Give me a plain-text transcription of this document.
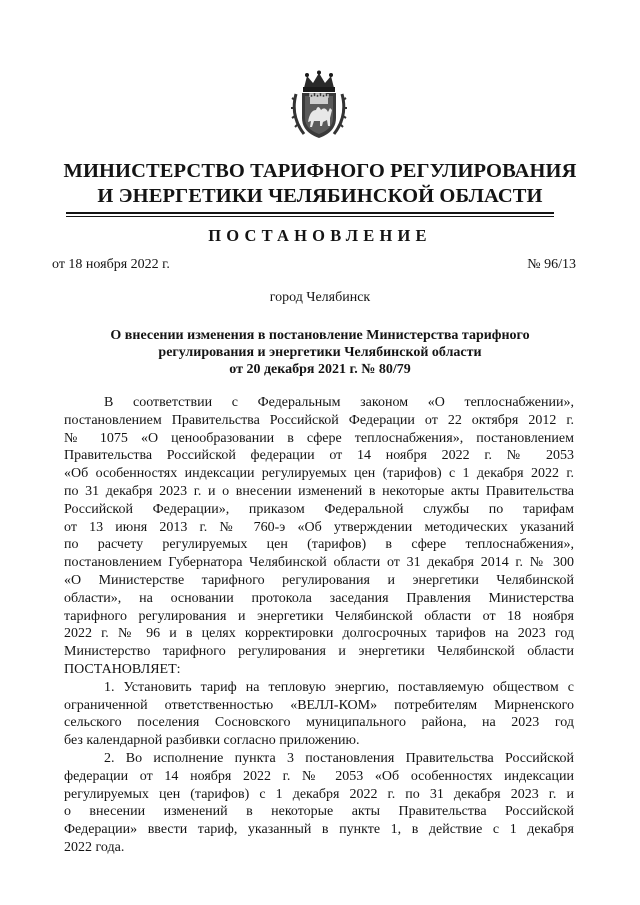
МИНИСТЕРСТВО ТАРИФНОГО РЕГУЛИРОВАНИЯ
И ЭНЕРГЕТИКИ ЧЕЛЯБИНСКОЙ ОБЛАСТИ
ПОСТАНОВЛЕНИЕ
от 18 ноября 2022 г.	№ 96/13
город Челябинск
О внесении изменения в постановление Министерства тарифного
регулирования и энергетики Челябинской области
от 20 декабря 2021 г. № 80/79
В соответствии с Федеральным законом «О теплоснабжении»,
постановлением Правительства Российской Федерации от 22 октября 2012 г.
№ 1075 «О ценообразовании в сфере теплоснабжения», постановлением
Правительства Российской федерации от 14 ноября 2022 г. № 2053
«Об особенностях индексации регулируемых цен (тарифов) с 1 декабря 2022 г.
по 31 декабря 2023 г. и о внесении изменений в некоторые акты Правительства
Российской Федерации», приказом Федеральной службы по тарифам
от 13 июня 2013 г. № 760-э «Об утверждении методических указаний
по расчету регулируемых цен (тарифов) в сфере теплоснабжения»,
постановлением Губернатора Челябинской области от 31 декабря 2014 г. № 300
«О Министерстве тарифного регулирования и энергетики Челябинской
области», на основании протокола заседания Правления Министерства
тарифного регулирования и энергетики Челябинской области от 18 ноября
2022 г. № 96 и в целях корректировки долгосрочных тарифов на 2023 год
Министерство тарифного регулирования и энергетики Челябинской области
ПОСТАНОВЛЯЕТ:
1. Установить тариф на тепловую энергию, поставляемую обществом с
ограниченной ответственностью «ВЕЛЛ-КОМ» потребителям Мирненского
сельского поселения Сосновского муниципального района, на 2023 год
без календарной разбивки согласно приложению.
2. Во исполнение пункта 3 постановления Правительства Российской
федерации от 14 ноября 2022 г. № 2053 «Об особенностях индексации
регулируемых цен (тарифов) с 1 декабря 2022 г. по 31 декабря 2023 г. и
о внесении изменений в некоторые акты Правительства Российской
Федерации» ввести тариф, указанный в пункте 1, в действие с 1 декабря
2022 года.
